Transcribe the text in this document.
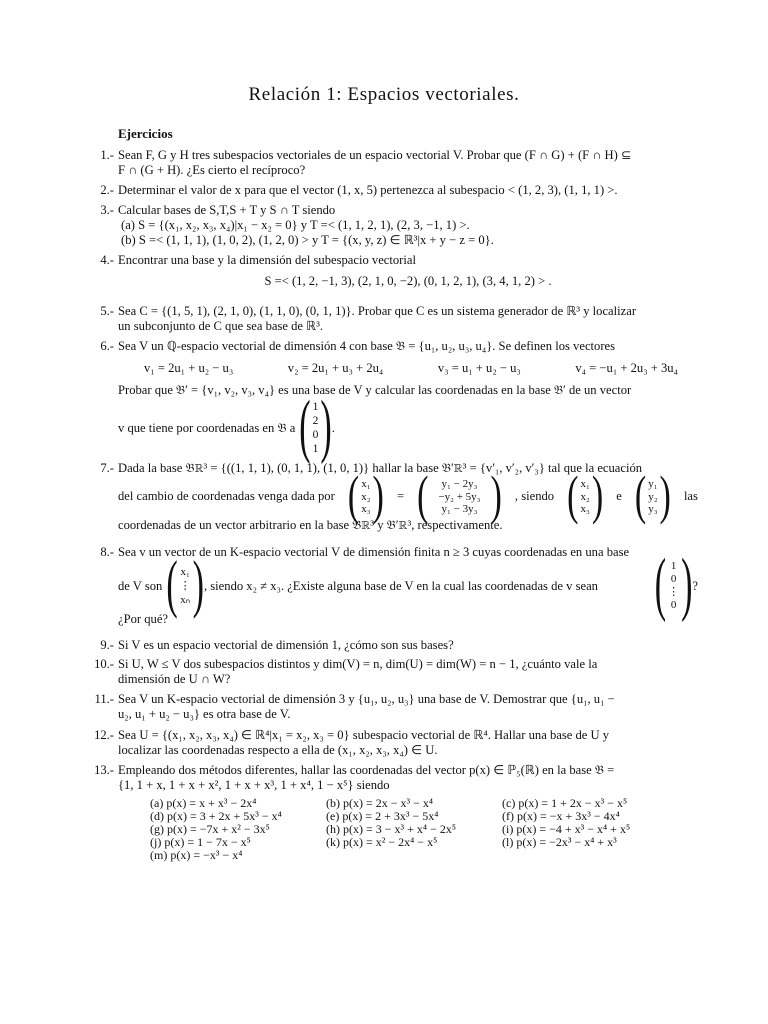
Relación 1: Espacios vectoriales.
Ejercicios
1.- Sean F, G y H tres subespacios vectoriales de un espacio vectorial V. Probar que (F ∩ G) + (F ∩ H) ⊆
F ∩ (G + H). ¿Es cierto el recíproco?
2.- Determinar el valor de x para que el vector (1, x, 5) pertenezca al subespacio < (1, 2, 3), (1, 1, 1) >.
3.- Calcular bases de S,T,S + T y S ∩ T siendo
(a) S = {(x₁, x₂, x₃, x₄)|x₁ − x₂ = 0} y T =< (1, 1, 2, 1), (2, 3, −1, 1) >.
(b) S =< (1, 1, 1), (1, 0, 2), (1, 2, 0) > y T = {(x, y, z) ∈ ℝ³|x + y − z = 0}.
4.- Encontrar una base y la dimensión del subespacio vectorial
S =< (1, 2, −1, 3), (2, 1, 0, −2), (0, 1, 2, 1), (3, 4, 1, 2) > .
5.- Sea C = {(1, 5, 1), (2, 1, 0), (1, 1, 0), (0, 1, 1)}. Probar que C es un sistema generador de ℝ³ y localizar
un subconjunto de C que sea base de ℝ³.
6.- Sea V un ℚ-espacio vectorial de dimensión 4 con base 𝔅 = {u₁, u₂, u₃, u₄}. Se definen los vectores
v₁ = 2u₁ + u₂ − u₃	v₂ = 2u₁ + u₃ + 2u₄	v₃ = u₁ + u₂ − u₃	v₄ = −u₁ + 2u₃ + 3u₄
Probar que 𝔅′ = {v₁, v₂, v₃, v₄} es una base de V y calcular las coordenadas en la base 𝔅′ de un vector
v que tiene por coordenadas en 𝔅 a ( 1
2
0
1 ) .
7.- Dada la base 𝔅ℝ³ = {((1, 1, 1), (0, 1, 1), (1, 0, 1)} hallar la base 𝔅′ℝ³ = {v′₁, v′₂, v′₃} tal que la ecuación
del cambio de coordenadas venga dada por ( x₁
x₂
x₃ ) = ( y₁ − 2y₃
−y₂ + 5y₃
y₁ − 3y₃ ) , siendo ( x₁
x₂
x₃ ) e ( y₁
y₂
y₃ ) las
coordenadas de un vector arbitrario en la base 𝔅ℝ³ y 𝔅′ℝ³, respectivamente.
8.- Sea v un vector de un K-espacio vectorial V de dimensión finita n ≥ 3 cuyas coordenadas en una base
de V son ( x₁
⋮
xₙ ) , siendo x₂ ≠ x₃. ¿Existe alguna base de V en la cual las coordenadas de v sean ( 1
0
⋮
0 ) ?
¿Por qué?
9.- Si V es un espacio vectorial de dimensión 1, ¿cómo son sus bases?
10.- Si U, W ≤ V dos subespacios distintos y dim(V) = n, dim(U) = dim(W) = n − 1, ¿cuánto vale la
dimensión de U ∩ W?
11.- Sea V un K-espacio vectorial de dimensión 3 y {u₁, u₂, u₃} una base de V. Demostrar que {u₁, u₁ −
u₂, u₁ + u₂ − u₃} es otra base de V.
12.- Sea U = {(x₁, x₂, x₃, x₄) ∈ ℝ⁴|x₁ = x₂, x₃ = 0} subespacio vectorial de ℝ⁴. Hallar una base de U y
localizar las coordenadas respecto a ella de (x₁, x₂, x₃, x₄) ∈ U.
13.- Empleando dos métodos diferentes, hallar las coordenadas del vector p(x) ∈ ℙ₅(ℝ) en la base 𝔅 =
{1, 1 + x, 1 + x + x², 1 + x + x³, 1 + x⁴, 1 − x⁵} siendo
(a) p(x) = x + x³ − 2x⁴	(b) p(x) = 2x − x³ − x⁴	(c) p(x) = 1 + 2x − x³ − x⁵
(d) p(x) = 3 + 2x + 5x³ − x⁴	(e) p(x) = 2 + 3x³ − 5x⁴	(f) p(x) = −x + 3x³ − 4x⁴
(g) p(x) = −7x + x² − 3x⁵	(h) p(x) = 3 − x³ + x⁴ − 2x⁵	(i) p(x) = −4 + x³ − x⁴ + x⁵
(j) p(x) = 1 − 7x − x⁵	(k) p(x) = x² − 2x⁴ − x⁵	(l) p(x) = −2x³ − x⁴ + x³
(m) p(x) = −x³ − x⁴
